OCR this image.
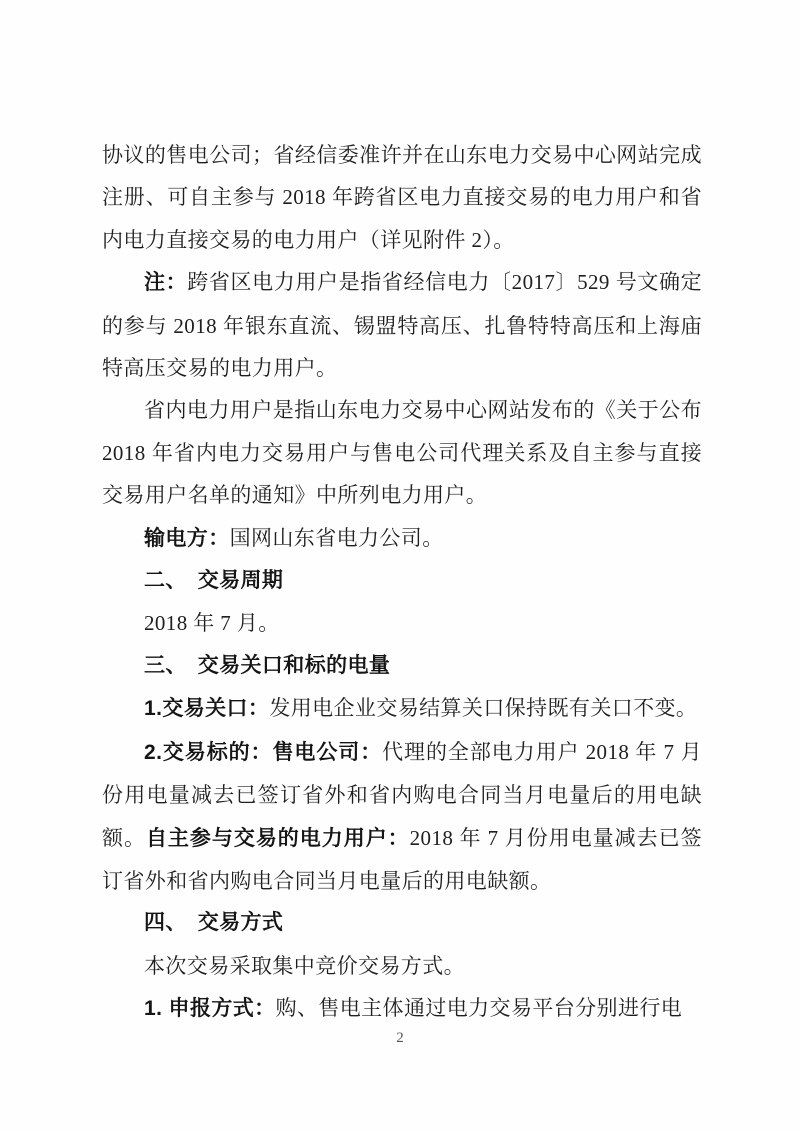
协议的售电公司；省经信委准许并在山东电力交易中心网站完成注册、可自主参与 2018 年跨省区电力直接交易的电力用户和省内电力直接交易的电力用户（详见附件 2）。

注：跨省区电力用户是指省经信电力〔2017〕529 号文确定的参与 2018 年银东直流、锡盟特高压、扎鲁特特高压和上海庙特高压交易的电力用户。

省内电力用户是指山东电力交易中心网站发布的《关于公布 2018 年省内电力交易用户与售电公司代理关系及自主参与直接交易用户名单的通知》中所列电力用户。

输电方：国网山东省电力公司。

二、　交易周期

2018 年 7 月。

三、　交易关口和标的电量

1.交易关口：发用电企业交易结算关口保持既有关口不变。

2.交易标的：售电公司：代理的全部电力用户 2018 年 7 月份用电量减去已签订省外和省内购电合同当月电量后的用电缺额。自主参与交易的电力用户：2018 年 7 月份用电量减去已签订省外和省内购电合同当月电量后的用电缺额。

四、　交易方式

本次交易采取集中竞价交易方式。

1. 申报方式：购、售电主体通过电力交易平台分别进行电

2
